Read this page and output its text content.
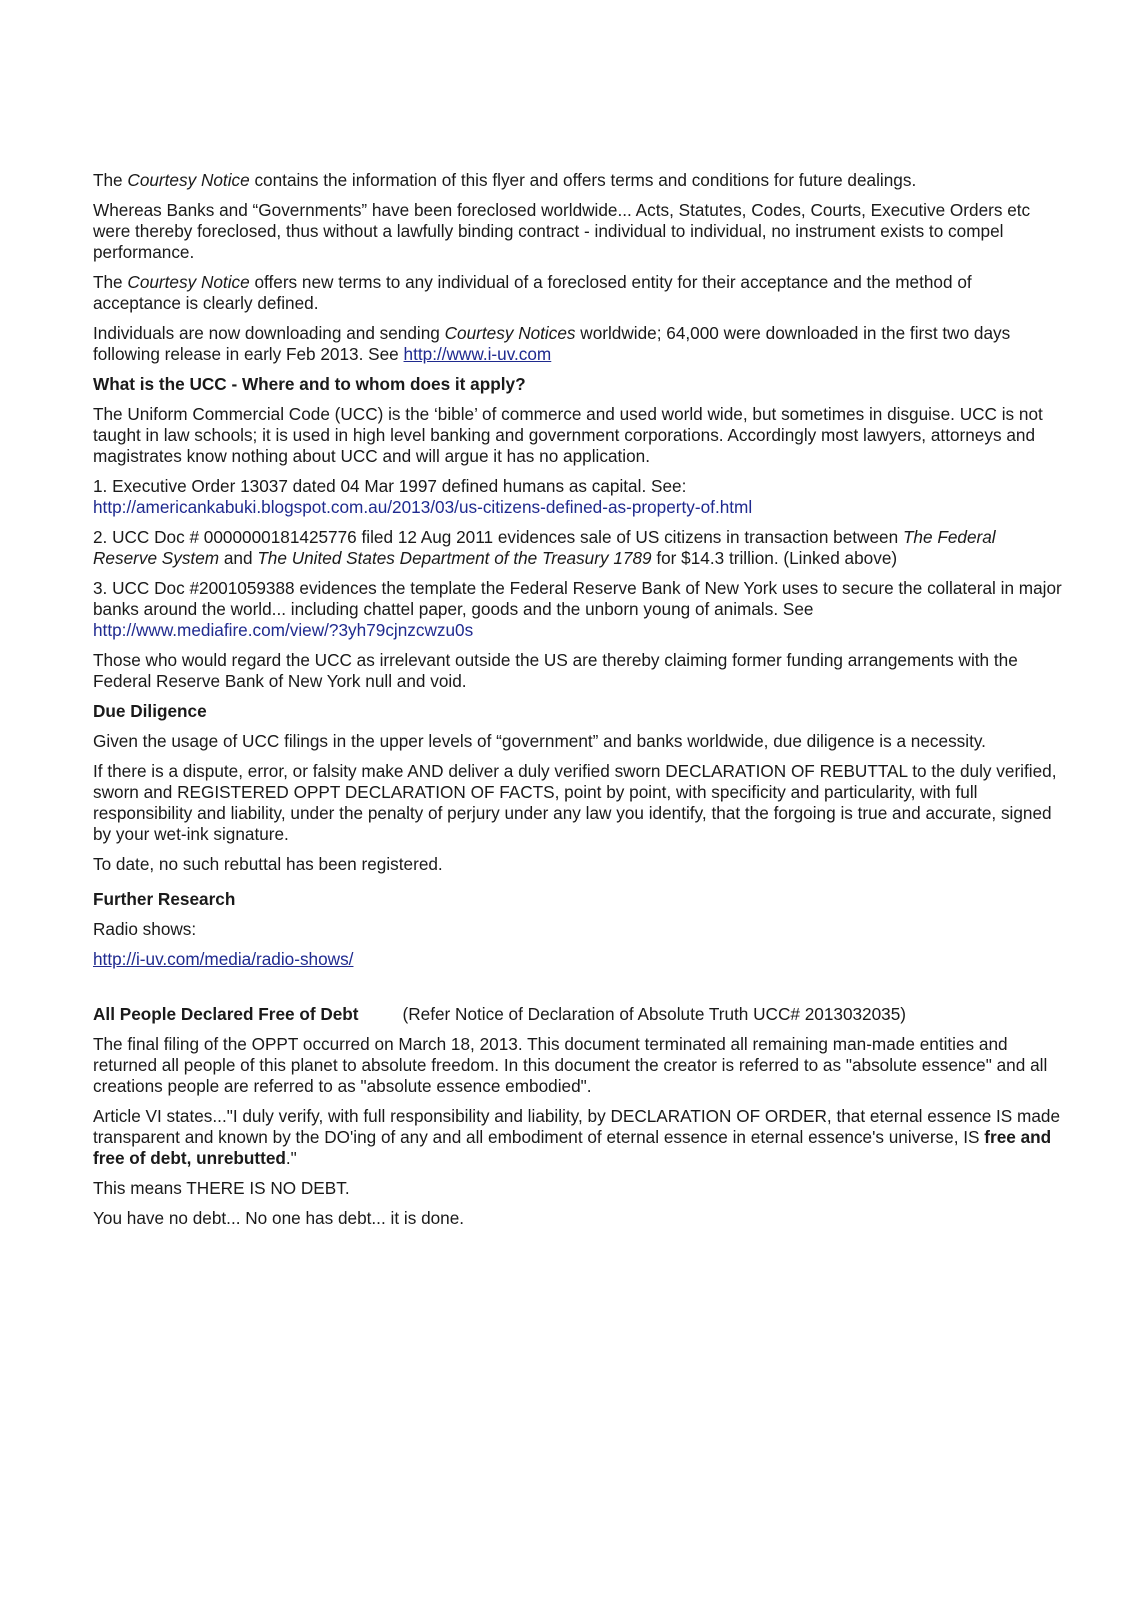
The Courtesy Notice contains the information of this flyer and offers terms and conditions for future dealings.

Whereas Banks and “Governments” have been foreclosed worldwide... Acts, Statutes, Codes, Courts, Executive Orders etc were thereby foreclosed, thus without a lawfully binding contract - individual to individual, no instrument exists to compel performance.

The Courtesy Notice offers new terms to any individual of a foreclosed entity for their acceptance and the method of acceptance is clearly defined.

Individuals are now downloading and sending Courtesy Notices worldwide; 64,000 were downloaded in the first two days following release in early Feb 2013. See http://www.i-uv.com

What is the UCC - Where and to whom does it apply?

The Uniform Commercial Code (UCC) is the ‘bible’ of commerce and used world wide, but sometimes in disguise. UCC is not taught in law schools; it is used in high level banking and government corporations. Accordingly most lawyers, attorneys and magistrates know nothing about UCC and will argue it has no application.

1. Executive Order 13037 dated 04 Mar 1997 defined humans as capital. See:
http://americankabuki.blogspot.com.au/2013/03/us-citizens-defined-as-property-of.html

2. UCC Doc # 0000000181425776 filed 12 Aug 2011 evidences sale of US citizens in transaction between The Federal Reserve System and The United States Department of the Treasury 1789 for $14.3 trillion. (Linked above)

3. UCC Doc #2001059388 evidences the template the Federal Reserve Bank of New York uses to secure the collateral in major banks around the world... including chattel paper, goods and the unborn young of animals. See
http://www.mediafire.com/view/?3yh79cjnzcwzu0s

Those who would regard the UCC as irrelevant outside the US are thereby claiming former funding arrangements with the Federal Reserve Bank of New York null and void.

Due Diligence

Given the usage of UCC filings in the upper levels of “government” and banks worldwide, due diligence is a necessity.

If there is a dispute, error, or falsity make AND deliver a duly verified sworn DECLARATION OF REBUTTAL to the duly verified, sworn and REGISTERED OPPT DECLARATION OF FACTS, point by point, with specificity and particularity, with full responsibility and liability, under the penalty of perjury under any law you identify, that the forgoing is true and accurate, signed by your wet-ink signature.

To date, no such rebuttal has been registered.

Further Research

Radio shows:

http://i-uv.com/media/radio-shows/

All People Declared Free of Debt	(Refer Notice of Declaration of Absolute Truth UCC# 2013032035)

The final filing of the OPPT occurred on March 18, 2013. This document terminated all remaining man-made entities and returned all people of this planet to absolute freedom. In this document the creator is referred to as "absolute essence" and all creations people are referred to as "absolute essence embodied".

Article VI states..."I duly verify, with full responsibility and liability, by DECLARATION OF ORDER, that eternal essence IS made transparent and known by the DO'ing of any and all embodiment of eternal essence in eternal essence's universe, IS free and free of debt, unrebutted."

This means THERE IS NO DEBT.

You have no debt... No one has debt... it is done.
